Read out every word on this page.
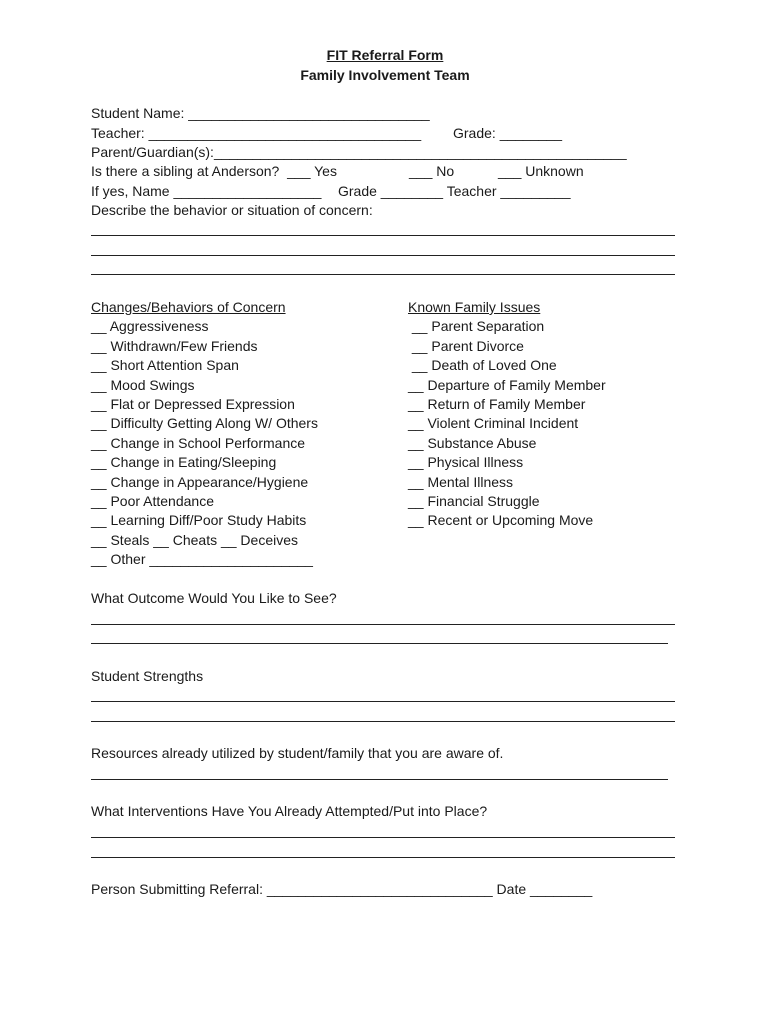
FIT Referral Form
Family Involvement Team
Student Name: _______________________________
Teacher: ___________________________________ Grade: ________
Parent/Guardian(s):_____________________________________________________
Is there a sibling at Anderson?  ___ Yes	___ No	___ Unknown
If yes, Name ___________________ Grade ________ Teacher _________
Describe the behavior or situation of concern:
Changes/Behaviors of Concern
__ Aggressiveness
__ Withdrawn/Few Friends
__ Short Attention Span
__ Mood Swings
__ Flat or Depressed Expression
__ Difficulty Getting Along W/ Others
__ Change in School Performance
__ Change in Eating/Sleeping
__ Change in Appearance/Hygiene
__ Poor Attendance
__ Learning Diff/Poor Study Habits
__ Steals __ Cheats __ Deceives
__ Other _____________________
Known Family Issues
__ Parent Separation
__ Parent Divorce
__ Death of Loved One
__ Departure of Family Member
__ Return of Family Member
__ Violent Criminal Incident
__ Substance Abuse
__ Physical Illness
__ Mental Illness
__ Financial Struggle
__ Recent or Upcoming Move
What Outcome Would You Like to See?
Student Strengths
Resources already utilized by student/family that you are aware of.
What Interventions Have You Already Attempted/Put into Place?
Person Submitting Referral: _____________________________ Date ________
